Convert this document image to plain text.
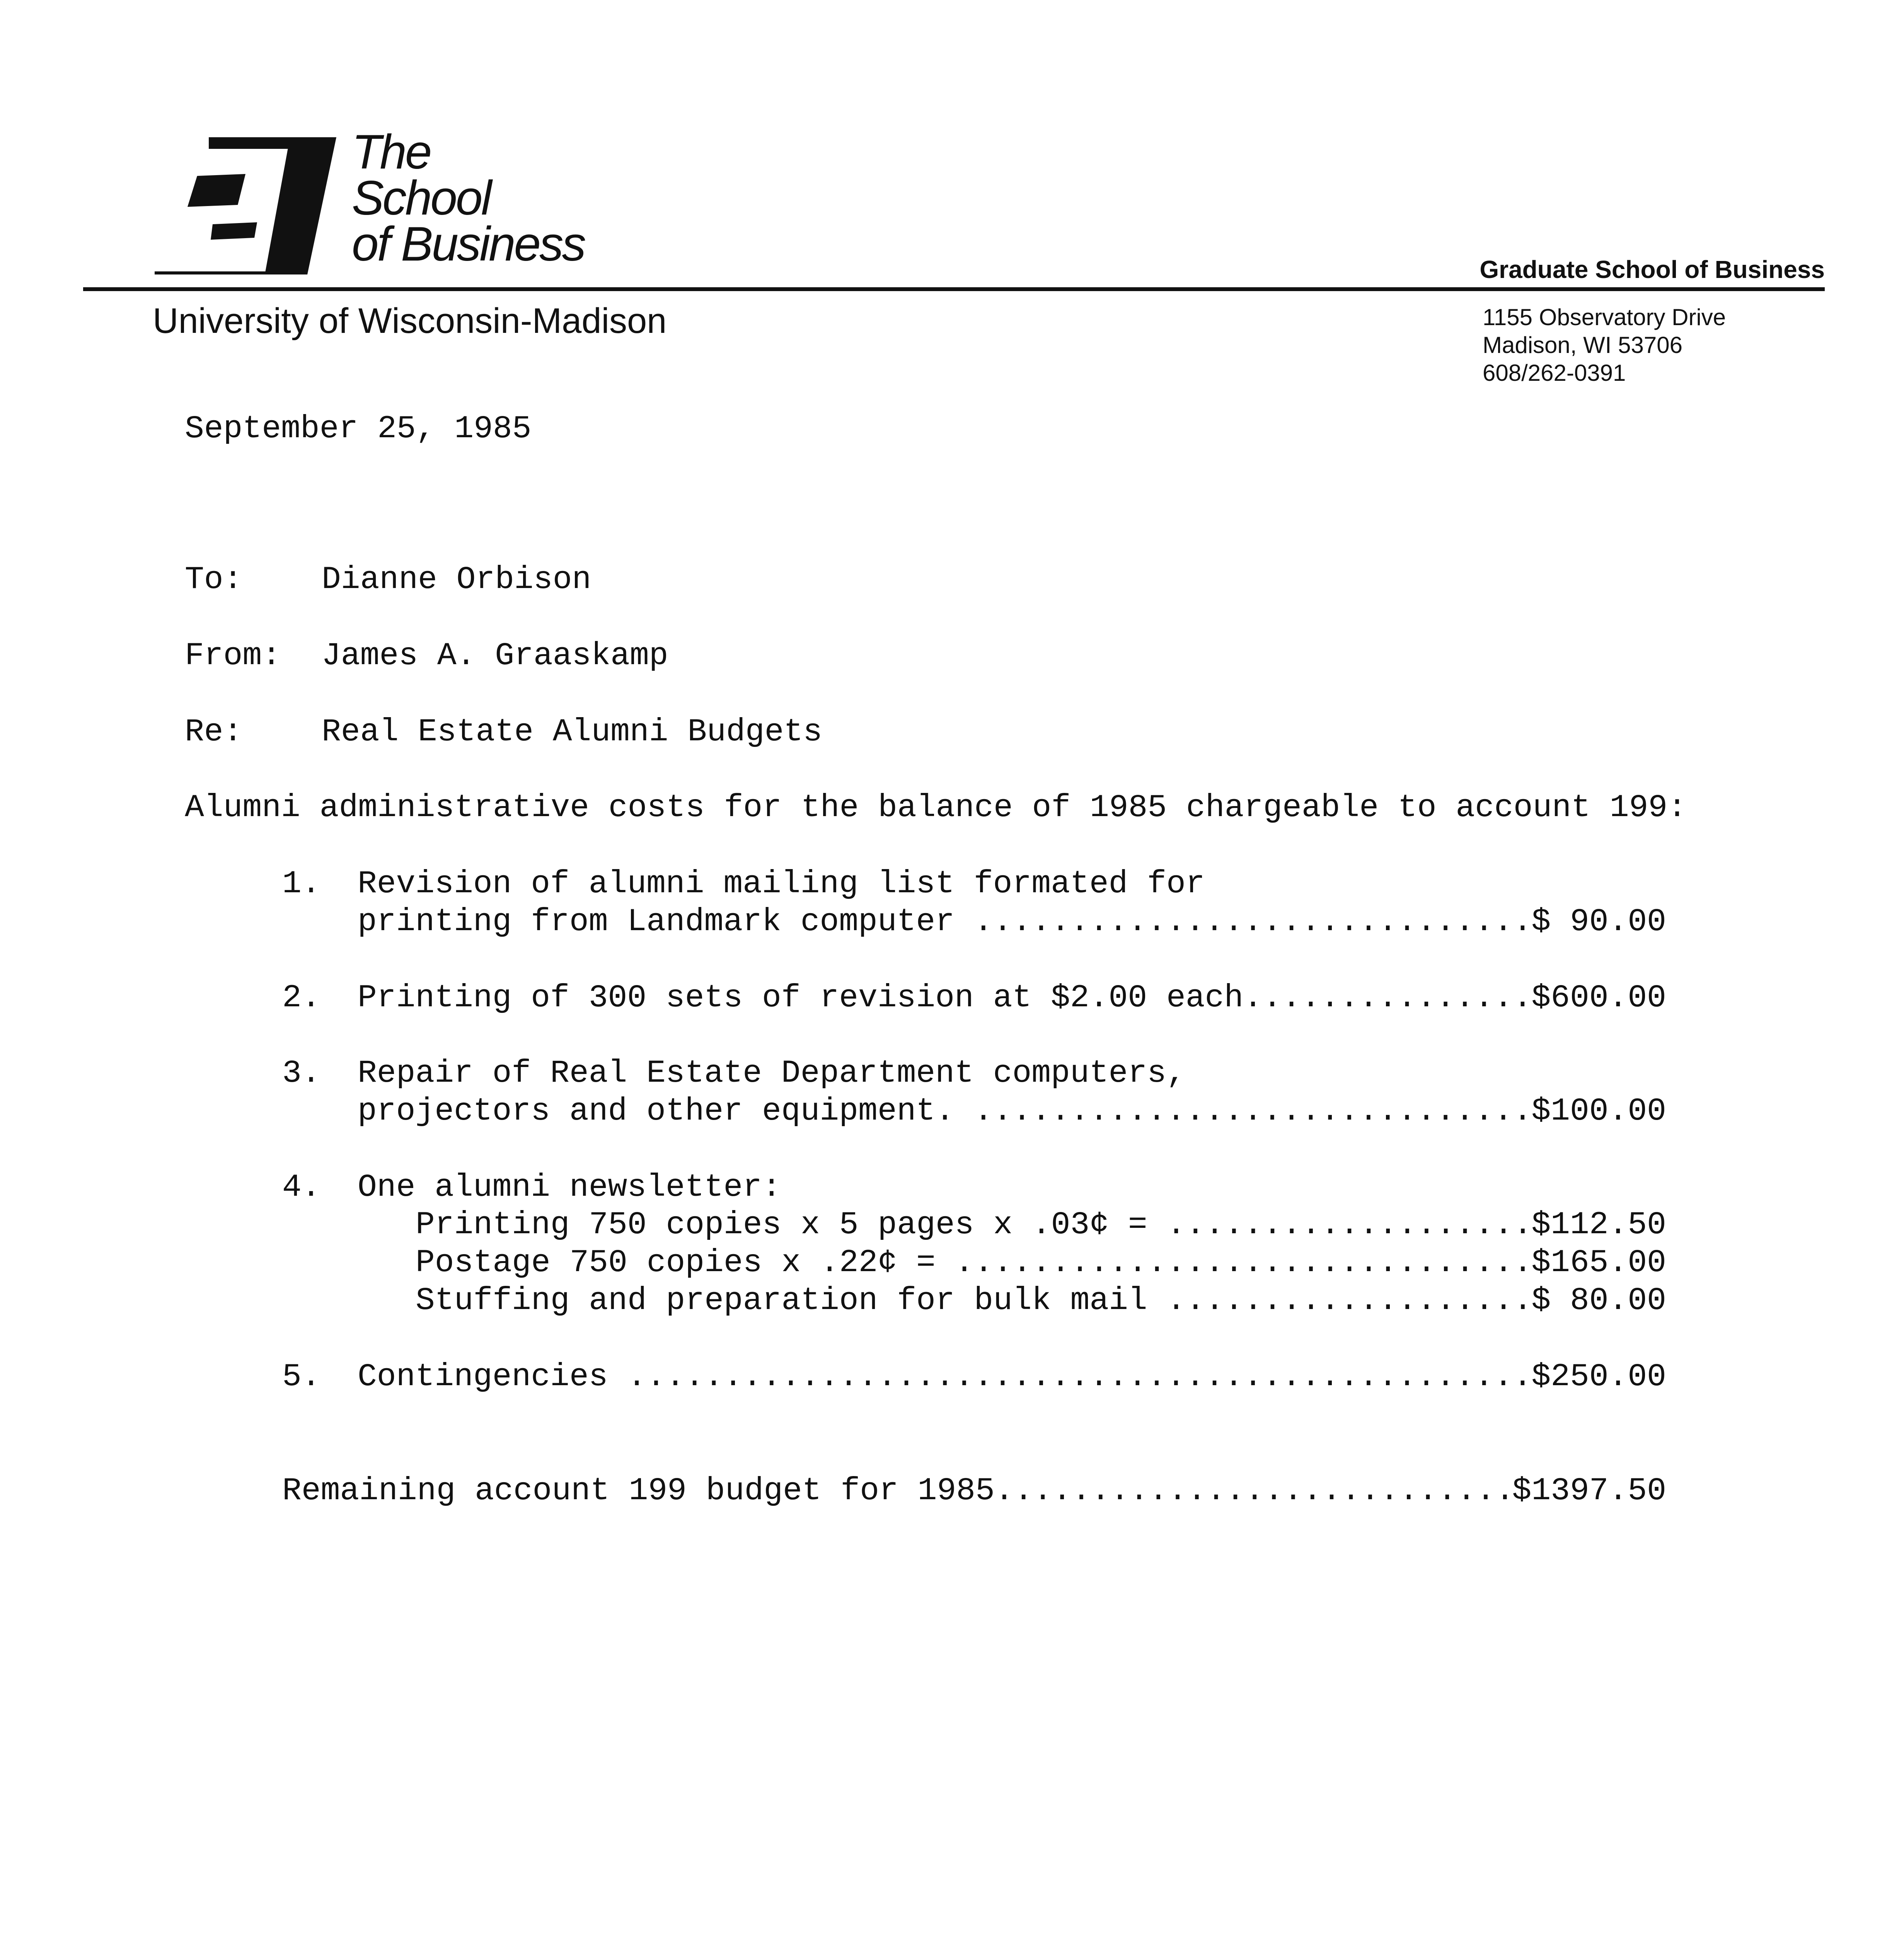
The
School
of Business	Graduate School of Business
University of Wisconsin-Madison	1155 Observatory Drive
Madison, WI 53706
608/262-0391
September 25, 1985
To: Dianne Orbison
From: James A. Graaskamp
Re: Real Estate Alumni Budgets
Alumni administrative costs for the balance of 1985 chargeable to account 199:
1. Revision of alumni mailing list formated for
printing from Landmark computer .....	$ 90.00
2. Printing of 300 sets of revision at $2.00 each .....	$600.00
3. Repair of Real Estate Department computers,
projectors and other equipment. .....	$100.00
4. One alumni newsletter:
Printing 750 copies x 5 pages x .03¢ = .....	$112.50
Postage 750 copies x .22¢ = .....	$165.00
Stuffing and preparation for bulk mail .....	$ 80.00
5. Contingencies .....	$250.00
Remaining account 199 budget for 1985 .....	$1397.50
